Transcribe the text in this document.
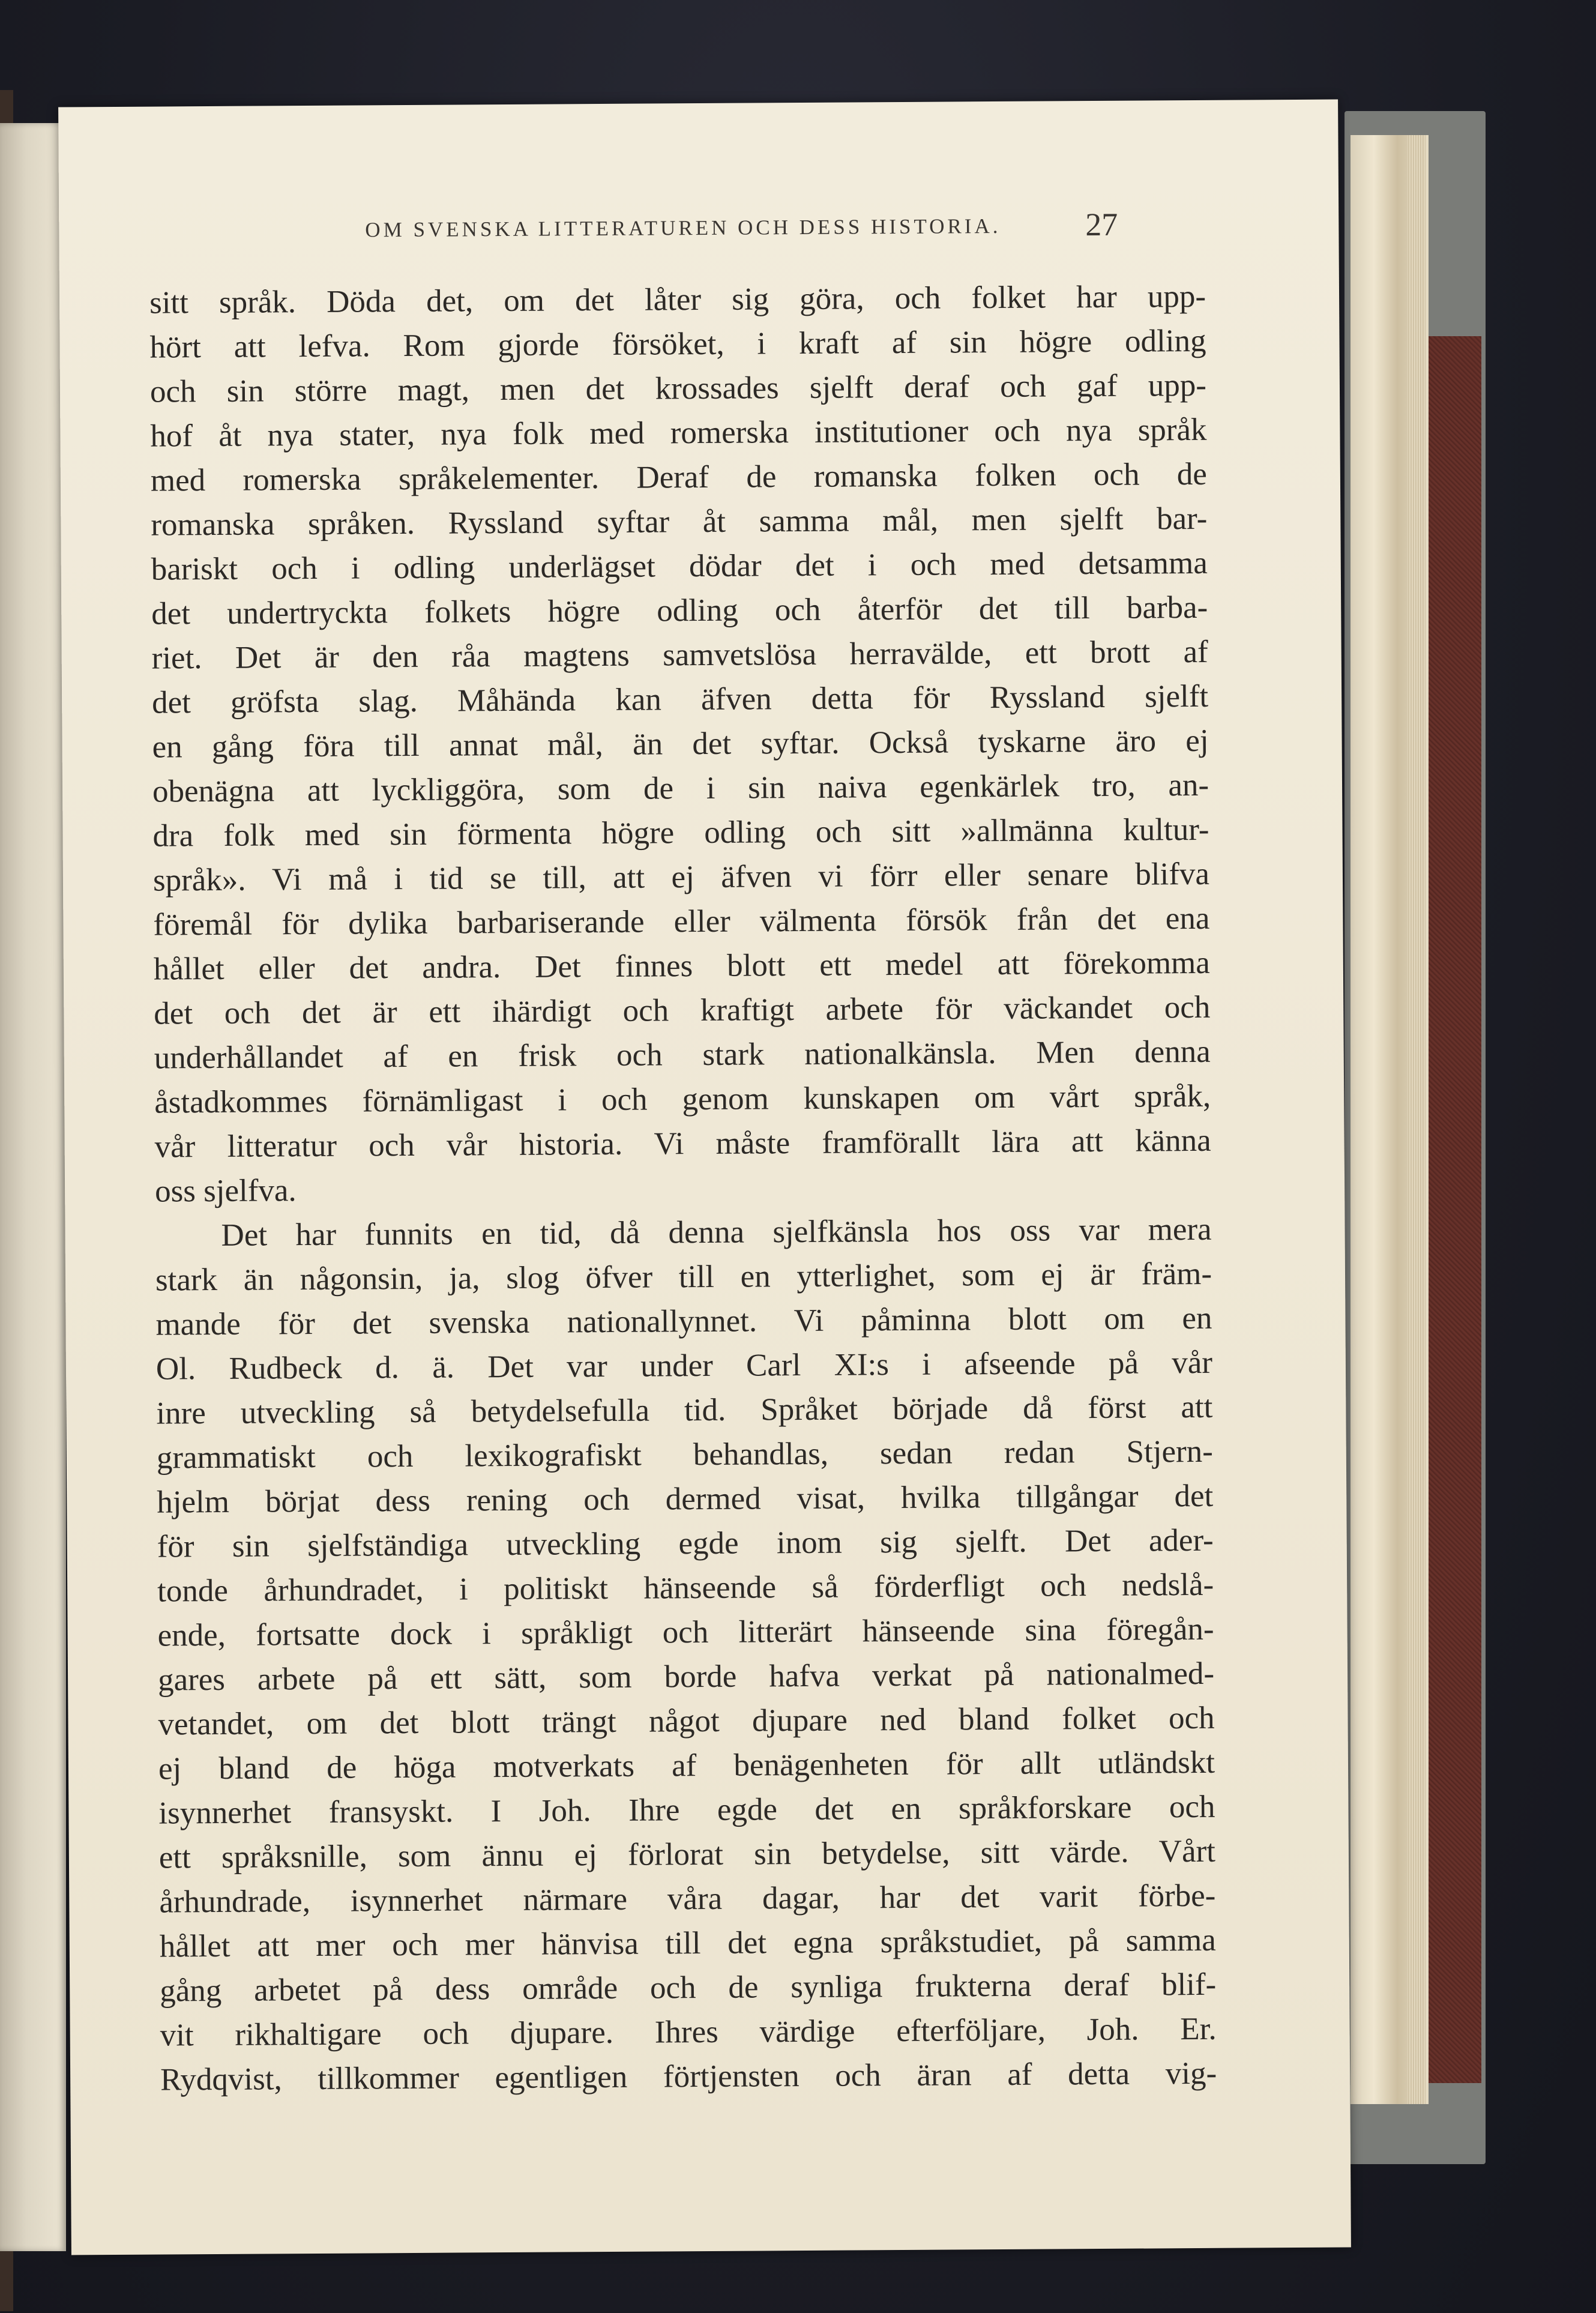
OM SVENSKA LITTERATUREN OCH DESS HISTORIA.	27
sitt språk. Döda det, om det låter sig göra, och folket har upp-
hört att lefva. Rom gjorde försöket, i kraft af sin högre odling
och sin större magt, men det krossades sjelft deraf och gaf upp-
hof åt nya stater, nya folk med romerska institutioner och nya språk
med romerska språkelementer. Deraf de romanska folken och de
romanska språken. Ryssland syftar åt samma mål, men sjelft bar-
bariskt och i odling underlägset dödar det i och med detsamma
det undertryckta folkets högre odling och återför det till barba-
riet. Det är den råa magtens samvetslösa herravälde, ett brott af
det gröfsta slag. Måhända kan äfven detta för Ryssland sjelft
en gång föra till annat mål, än det syftar. Också tyskarne äro ej
obenägna att lyckliggöra, som de i sin naiva egenkärlek tro, an-
dra folk med sin förmenta högre odling och sitt »allmänna kultur-
språk». Vi må i tid se till, att ej äfven vi förr eller senare blifva
föremål för dylika barbariserande eller välmenta försök från det ena
hållet eller det andra. Det finnes blott ett medel att förekomma
det och det är ett ihärdigt och kraftigt arbete för väckandet och
underhållandet af en frisk och stark nationalkänsla. Men denna
åstadkommes förnämligast i och genom kunskapen om vårt språk,
vår litteratur och vår historia. Vi måste framförallt lära att känna
oss sjelfva.
Det har funnits en tid, då denna sjelfkänsla hos oss var mera
stark än någonsin, ja, slog öfver till en ytterlighet, som ej är främ-
mande för det svenska nationallynnet. Vi påminna blott om en
Ol. Rudbeck d. ä. Det var under Carl XI:s i afseende på vår
inre utveckling så betydelsefulla tid. Språket började då först att
grammatiskt och lexikografiskt behandlas, sedan redan Stjern-
hjelm börjat dess rening och dermed visat, hvilka tillgångar det
för sin sjelfständiga utveckling egde inom sig sjelft. Det ader-
tonde århundradet, i politiskt hänseende så förderfligt och nedslå-
ende, fortsatte dock i språkligt och litterärt hänseende sina föregån-
gares arbete på ett sätt, som borde hafva verkat på nationalmed-
vetandet, om det blott trängt något djupare ned bland folket och
ej bland de höga motverkats af benägenheten för allt utländskt
isynnerhet fransyskt. I Joh. Ihre egde det en språkforskare och
ett språksnille, som ännu ej förlorat sin betydelse, sitt värde. Vårt
århundrade, isynnerhet närmare våra dagar, har det varit förbe-
hållet att mer och mer hänvisa till det egna språkstudiet, på samma
gång arbetet på dess område och de synliga frukterna deraf blif-
vit rikhaltigare och djupare. Ihres värdige efterföljare, Joh. Er.
Rydqvist, tillkommer egentligen förtjensten och äran af detta vig-
